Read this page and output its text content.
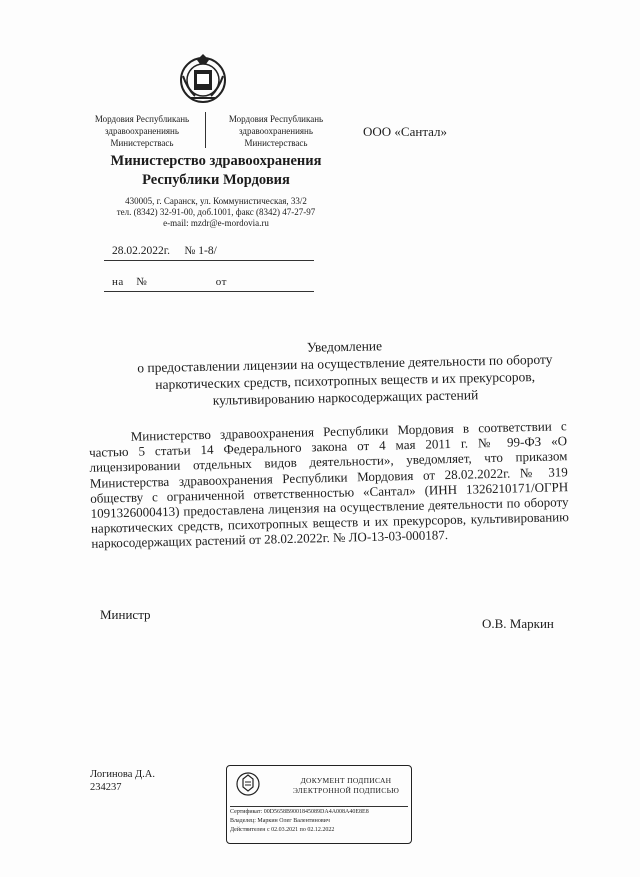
Мордовия Республикань
здравоохранениянь
Министерствась
Мордовия Республикань
здравоохранениянь
Министерствась
ООО «Сантал»
Министерство здравоохранения
Республики Мордовия
430005, г. Саранск, ул. Коммунистическая, 33/2
тел. (8342) 32-91-00, доб.1001, факс (8342) 47-27-97
e-mail: mzdr@e-mordovia.ru
28.02.2022г. № 1-8/
на №	от
Уведомление
о предоставлении лицензии на осуществление деятельности по обороту
наркотических средств, психотропных веществ и их прекурсоров,
культивированию наркосодержащих растений

Министерство здравоохранения Республики Мордовия в соответствии с частью 5 статьи 14 Федерального закона от 4 мая 2011 г. № 99-ФЗ «О лицензировании отдельных видов деятельности», уведомляет, что приказом Министерства здравоохранения Республики Мордовия от 28.02.2022г. № 319 обществу с ограниченной ответственностью «Сантал» (ИНН 1326210171/ОГРН 1091326000413) предоставлена лицензия на осуществление деятельности по обороту наркотических средств, психотропных веществ и их прекурсоров, культивированию наркосодержащих растений от 28.02.2022г. № ЛО-13-03-000187.

Министр
О.В. Маркин
Логинова Д.А.
234237
ДОКУМЕНТ ПОДПИСАН
ЭЛЕКТРОННОЙ ПОДПИСЬЮ
Сертификат: 00D5658B9001845089DA4A008A40E8E8
Владелец: Маркин Олег Валентинович
Действителен с 02.03.2021 по 02.12.2022
